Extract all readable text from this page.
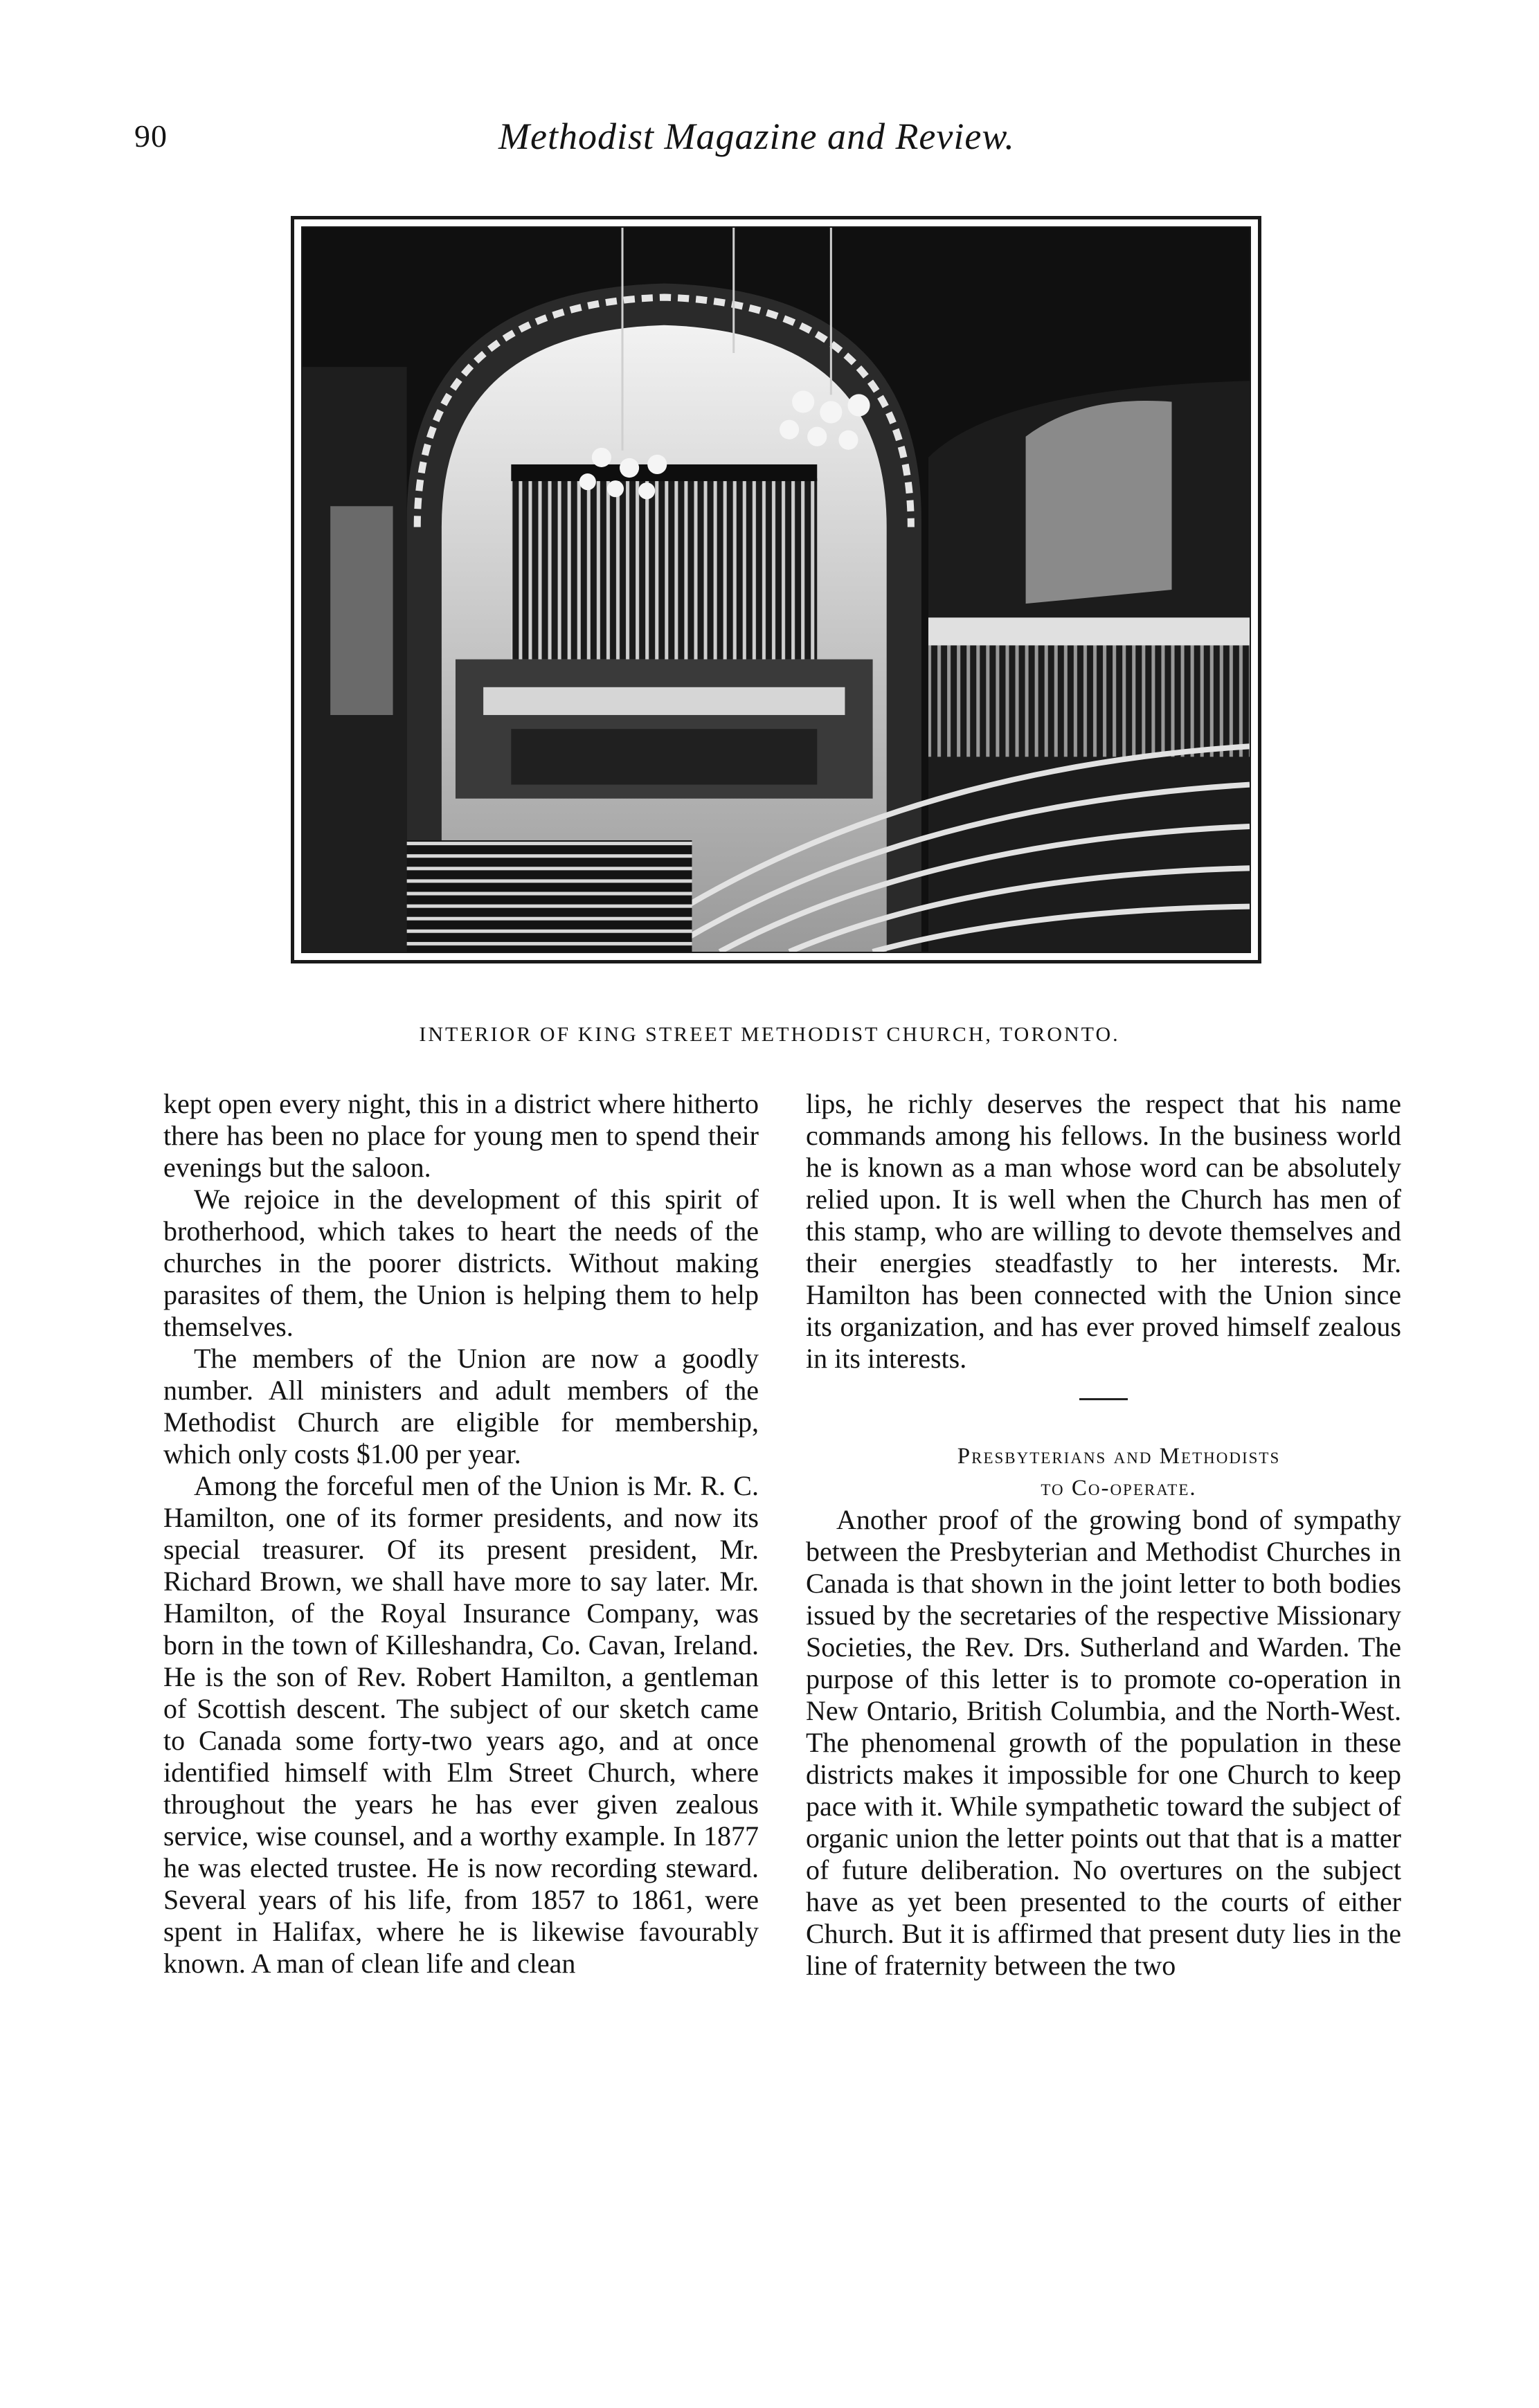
90	Methodist Magazine and Review.
INTERIOR OF KING STREET METHODIST CHURCH, TORONTO.

kept open every night, this in a district where hitherto there has been no place for young men to spend their evenings but the saloon.

We rejoice in the development of this spirit of brotherhood, which takes to heart the needs of the churches in the poorer districts. Without making parasites of them, the Union is helping them to help themselves.

The members of the Union are now a goodly number. All ministers and adult members of the Methodist Church are eligible for membership, which only costs $1.00 per year.

Among the forceful men of the Union is Mr. R. C. Hamilton, one of its former presidents, and now its special treasurer. Of its present president, Mr. Richard Brown, we shall have more to say later. Mr. Hamilton, of the Royal Insurance Company, was born in the town of Killeshandra, Co. Cavan, Ireland. He is the son of Rev. Robert Hamilton, a gentleman of Scottish descent. The subject of our sketch came to Canada some forty-two years ago, and at once identified himself with Elm Street Church, where throughout the years he has ever given zealous service, wise counsel, and a worthy example. In 1877 he was elected trustee. He is now recording steward. Several years of his life, from 1857 to 1861, were spent in Halifax, where he is likewise favourably known. A man of clean life and clean

lips, he richly deserves the respect that his name commands among his fellows. In the business world he is known as a man whose word can be absolutely relied upon. It is well when the Church has men of this stamp, who are willing to devote themselves and their energies steadfastly to her interests. Mr. Hamilton has been connected with the Union since its organization, and has ever proved himself zealous in its interests.

Presbyterians and Methodists

to Co-operate.

Another proof of the growing bond of sympathy between the Presbyterian and Methodist Churches in Canada is that shown in the joint letter to both bodies issued by the secretaries of the respective Missionary Societies, the Rev. Drs. Sutherland and Warden. The purpose of this letter is to promote co-operation in New Ontario, British Columbia, and the North-West. The phenomenal growth of the population in these districts makes it impossible for one Church to keep pace with it. While sympathetic toward the subject of organic union the letter points out that that is a matter of future deliberation. No overtures on the subject have as yet been presented to the courts of either Church. But it is affirmed that present duty lies in the line of fraternity between the two
